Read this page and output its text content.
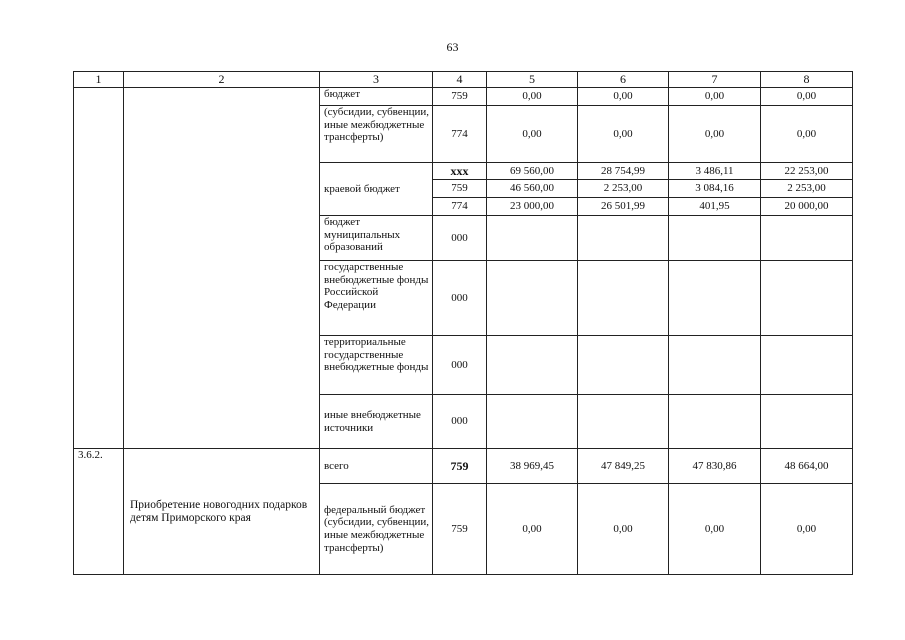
63
1	2	3	4	5	6	7	8
		бюджет	759	0,00	0,00	0,00	0,00
		(субсидии, субвенции, иные межбюджетные трансферты)	774	0,00	0,00	0,00	0,00
		краевой бюджет	ххх	69 560,00	28 754,99	3 486,11	22 253,00
			759	46 560,00	2 253,00	3 084,16	2 253,00
			774	23 000,00	26 501,99	401,95	20 000,00
		бюджет муниципальных образований	000				
		государственные внебюджетные фонды Российской Федерации	000				
		территориальные государственные внебюджетные фонды	000				
		иные внебюджетные источники	000				
3.6.2.	Приобретение новогодних подарков детям Приморского края	всего	759	38 969,45	47 849,25	47 830,86	48 664,00
		федеральный бюджет (субсидии, субвенции, иные межбюджетные трансферты)	759	0,00	0,00	0,00	0,00
